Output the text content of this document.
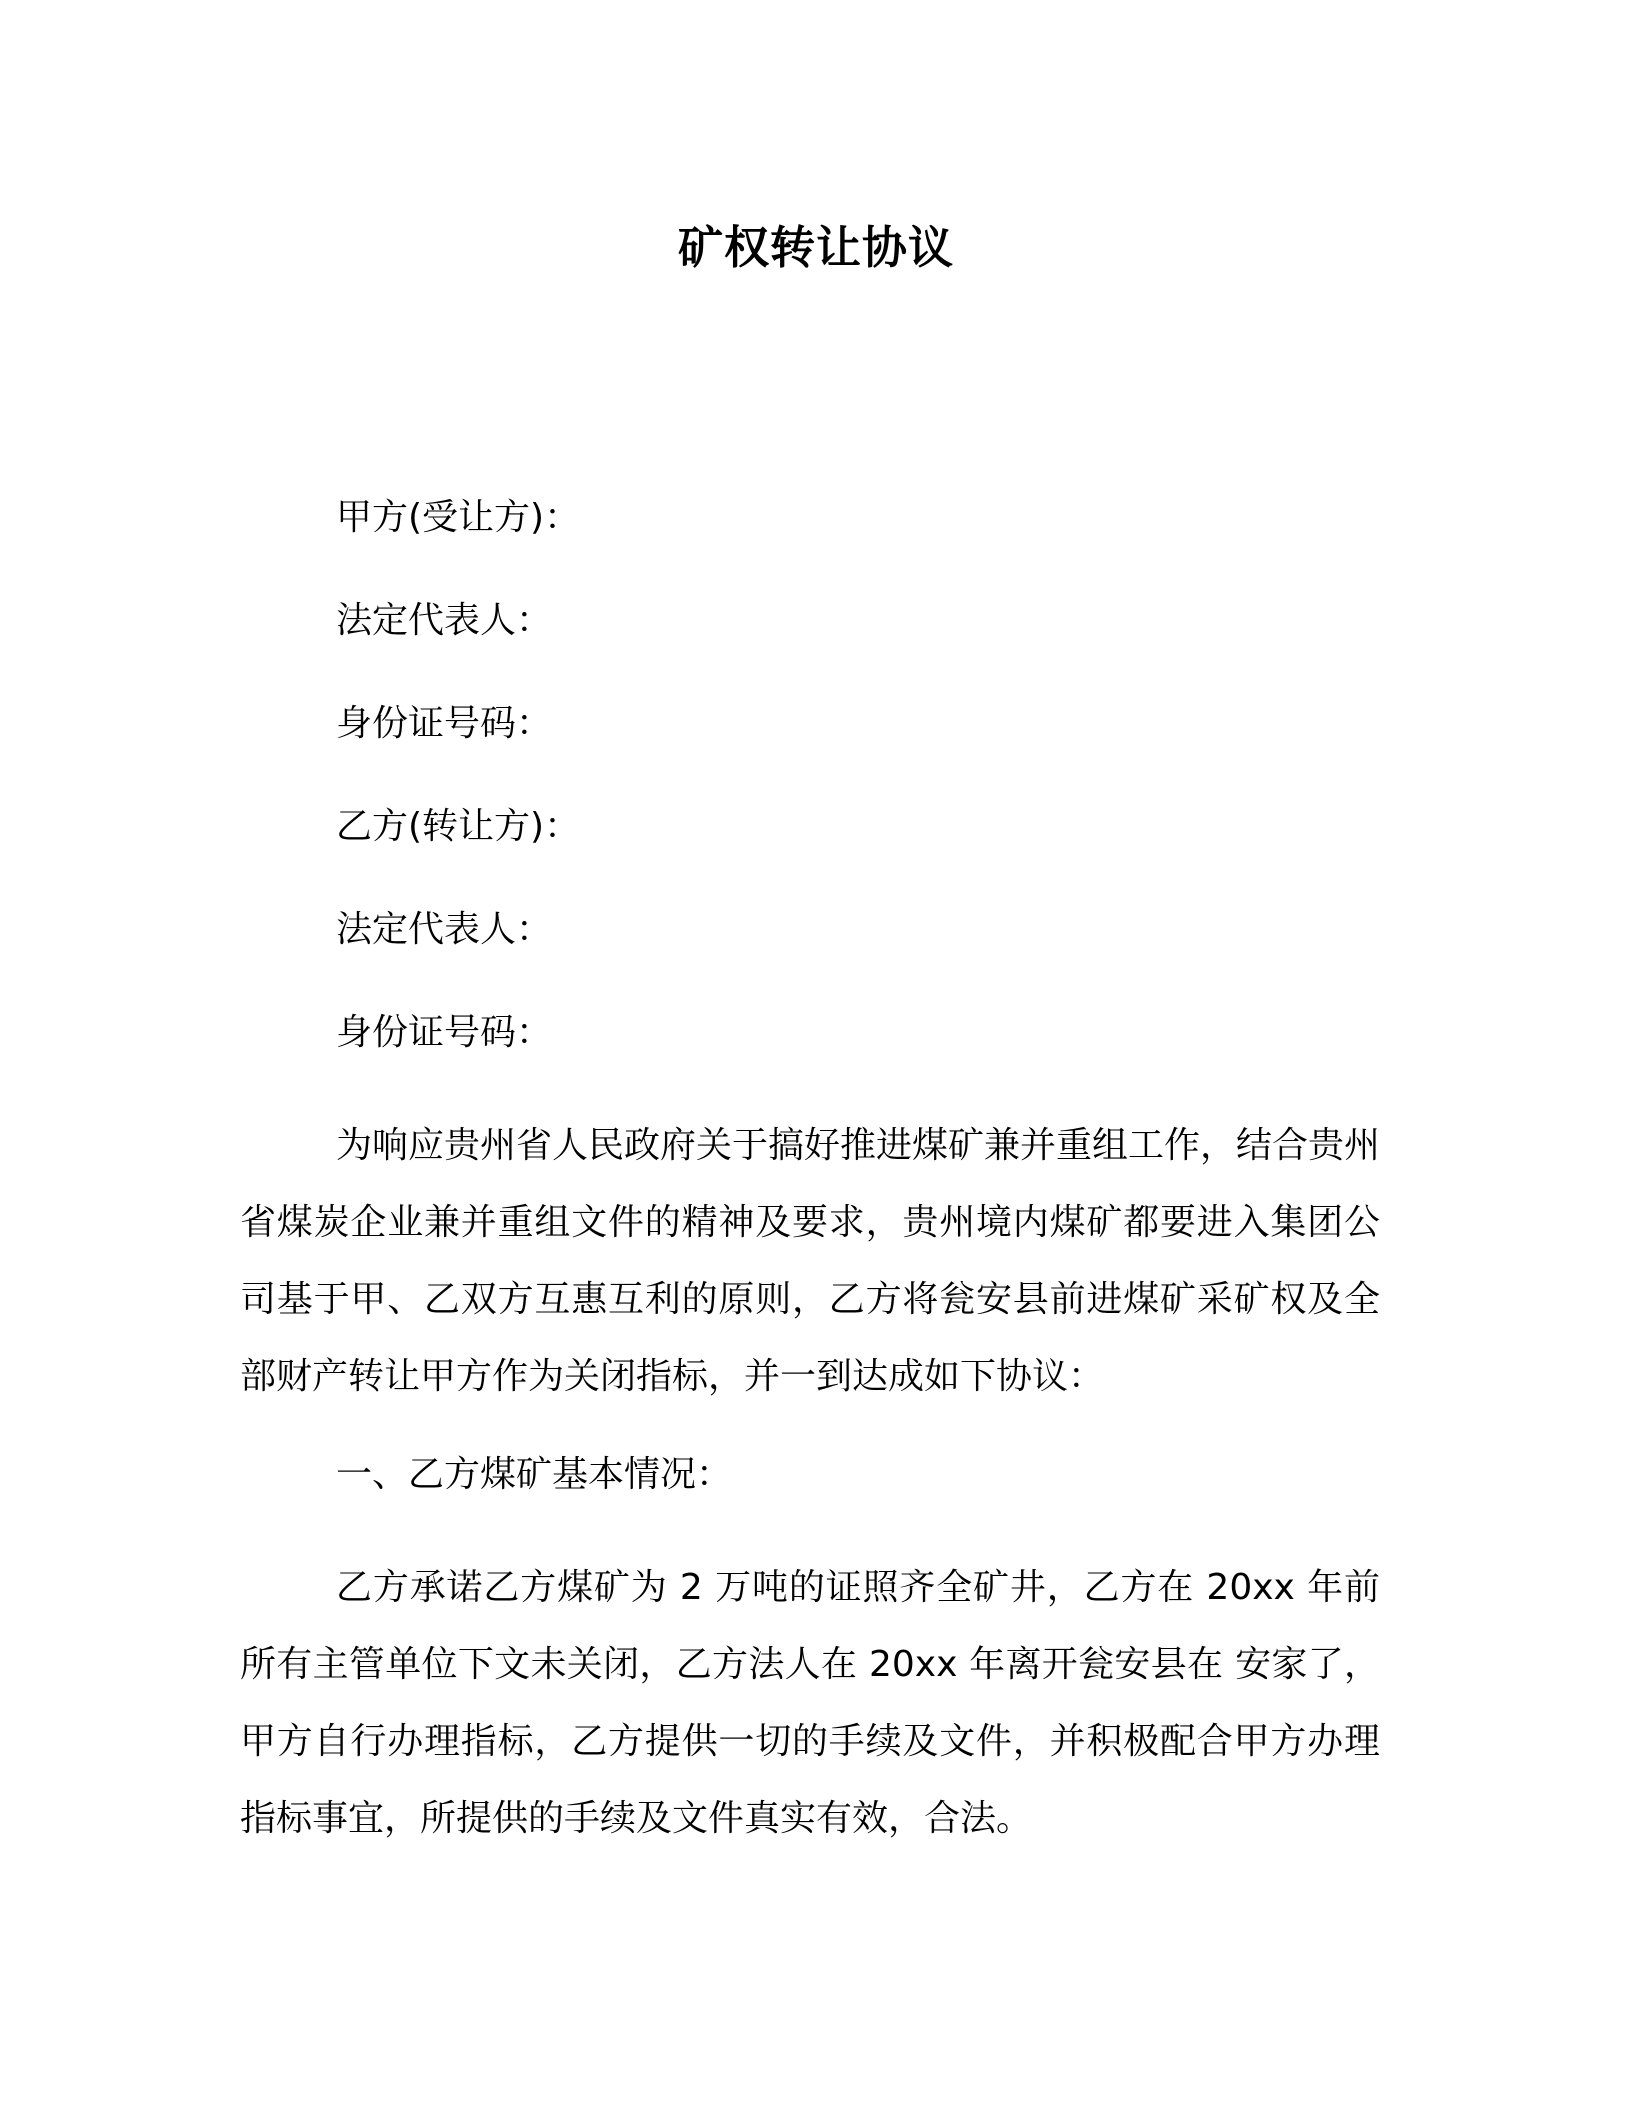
矿权转让协议
甲方(受让方)：
法定代表人：
身份证号码：
乙方(转让方)：
法定代表人：
身份证号码：

为响应贵州省人民政府关于搞好推进煤矿兼并重组工作，结合贵州省煤炭企业兼并重组文件的精神及要求，贵州境内煤矿都要进入集团公司基于甲、乙双方互惠互利的原则，乙方将瓮安县前进煤矿采矿权及全部财产转让甲方作为关闭指标，并一到达成如下协议：

一、乙方煤矿基本情况：

乙方承诺乙方煤矿为 2 万吨的证照齐全矿井，乙方在 20xx 年前所有主管单位下文未关闭，乙方法人在 20xx 年离开瓮安县在 安家了，甲方自行办理指标，乙方提供一切的手续及文件，并积极配合甲方办理指标事宜，所提供的手续及文件真实有效，合法。
